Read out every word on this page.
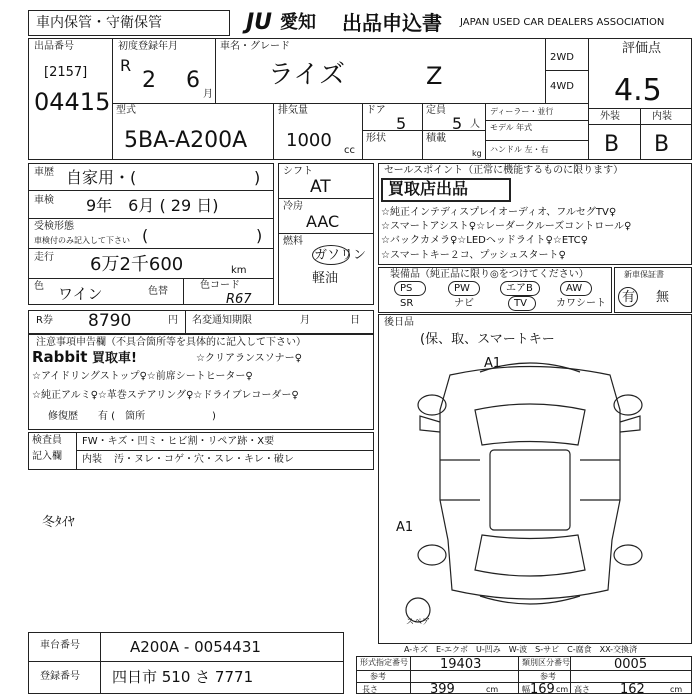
車内保管・守衛保管	JU 愛知 出品申込書 JAPAN USED CAR DEALERS ASSOCIATION
出品番号
[2157]
04415
初度登録年月
R
2 6
月
車名・グレード
ライズ	Z
2WD
4WD
評価点
4.5
外装	内装
B B
型式
5BA-A200A
排気量
1000 cc
ドア
5
形状
定員
5 人
積載
kg
ディーラー・並行
モデル 年式
ハンドル 左・右
車歴 自家用・(	)
車検 9年　6月 ( 29 日)
受検形態
車検付のみ記入して下さい (	)
走行 6万2千600	km
色 ワイン	色替
色コード
R67
シフト
AT
冷房
AAC
燃料
ガソリン
軽油
セールスポイント（正常に機能するものに限ります）
買取店出品
☆純正インテディスプレイオーディオ、フルセグTV♀
☆スマートアシスト♀☆レーダークルーズコントロール♀
☆バックカメラ♀☆LEDヘッドライト♀☆ETC♀
☆スマートキー２コ、プッシュスタート♀
装備品（純正品に限り◎をつけてください）
PS	PW	エアB	AW
SR	ナビ	TV	カワシート
新車保証書
有 無
R券 8790	円 名変通知期限	月	日 後日品
(保、取、スマートキー
A1
A1
スペア
注意事項申告欄（不具合箇所等を具体的に記入して下さい）
Rabbit 買取車!	☆クリアランスソナー♀
☆アイドリングストップ♀☆前席シートヒーター♀
☆純正アルミ♀☆革巻ステアリング♀☆ドライブレコーダー♀
修復歴　　有 (　箇所	)
検査員
記入欄
FW・キズ・凹ミ・ヒビ割・リペア跡・X要
内装 汚・ヌレ・コゲ・穴・スレ・キレ・破レ
冬ﾀｲﾔ
車台番号	A200A - 0054431
登録番号 四日市 510 さ 7771
A-キズ　E-エクボ　U-凹み　W-波　S-サビ　C-腐食　XX-交換済
形式指定番号 19403	類別区分番号	0005
参考	参考
長さ	399	cm	幅 169 cm 高さ 162	cm
